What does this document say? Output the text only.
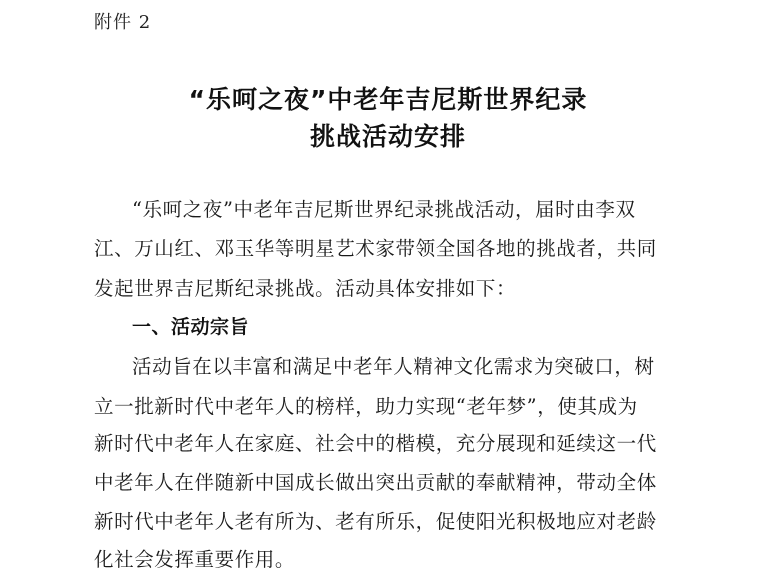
附件 2
“乐呵之夜”中老年吉尼斯世界纪录
挑战活动安排
“乐呵之夜”中老年吉尼斯世界纪录挑战活动，届时由李双
江、万山红、邓玉华等明星艺术家带领全国各地的挑战者，共同
发起世界吉尼斯纪录挑战。活动具体安排如下：
一、活动宗旨
活动旨在以丰富和满足中老年人精神文化需求为突破口，树
立一批新时代中老年人的榜样，助力实现“老年梦”，使其成为
新时代中老年人在家庭、社会中的楷模，充分展现和延续这一代
中老年人在伴随新中国成长做出突出贡献的奉献精神，带动全体
新时代中老年人老有所为、老有所乐，促使阳光积极地应对老龄
化社会发挥重要作用。
